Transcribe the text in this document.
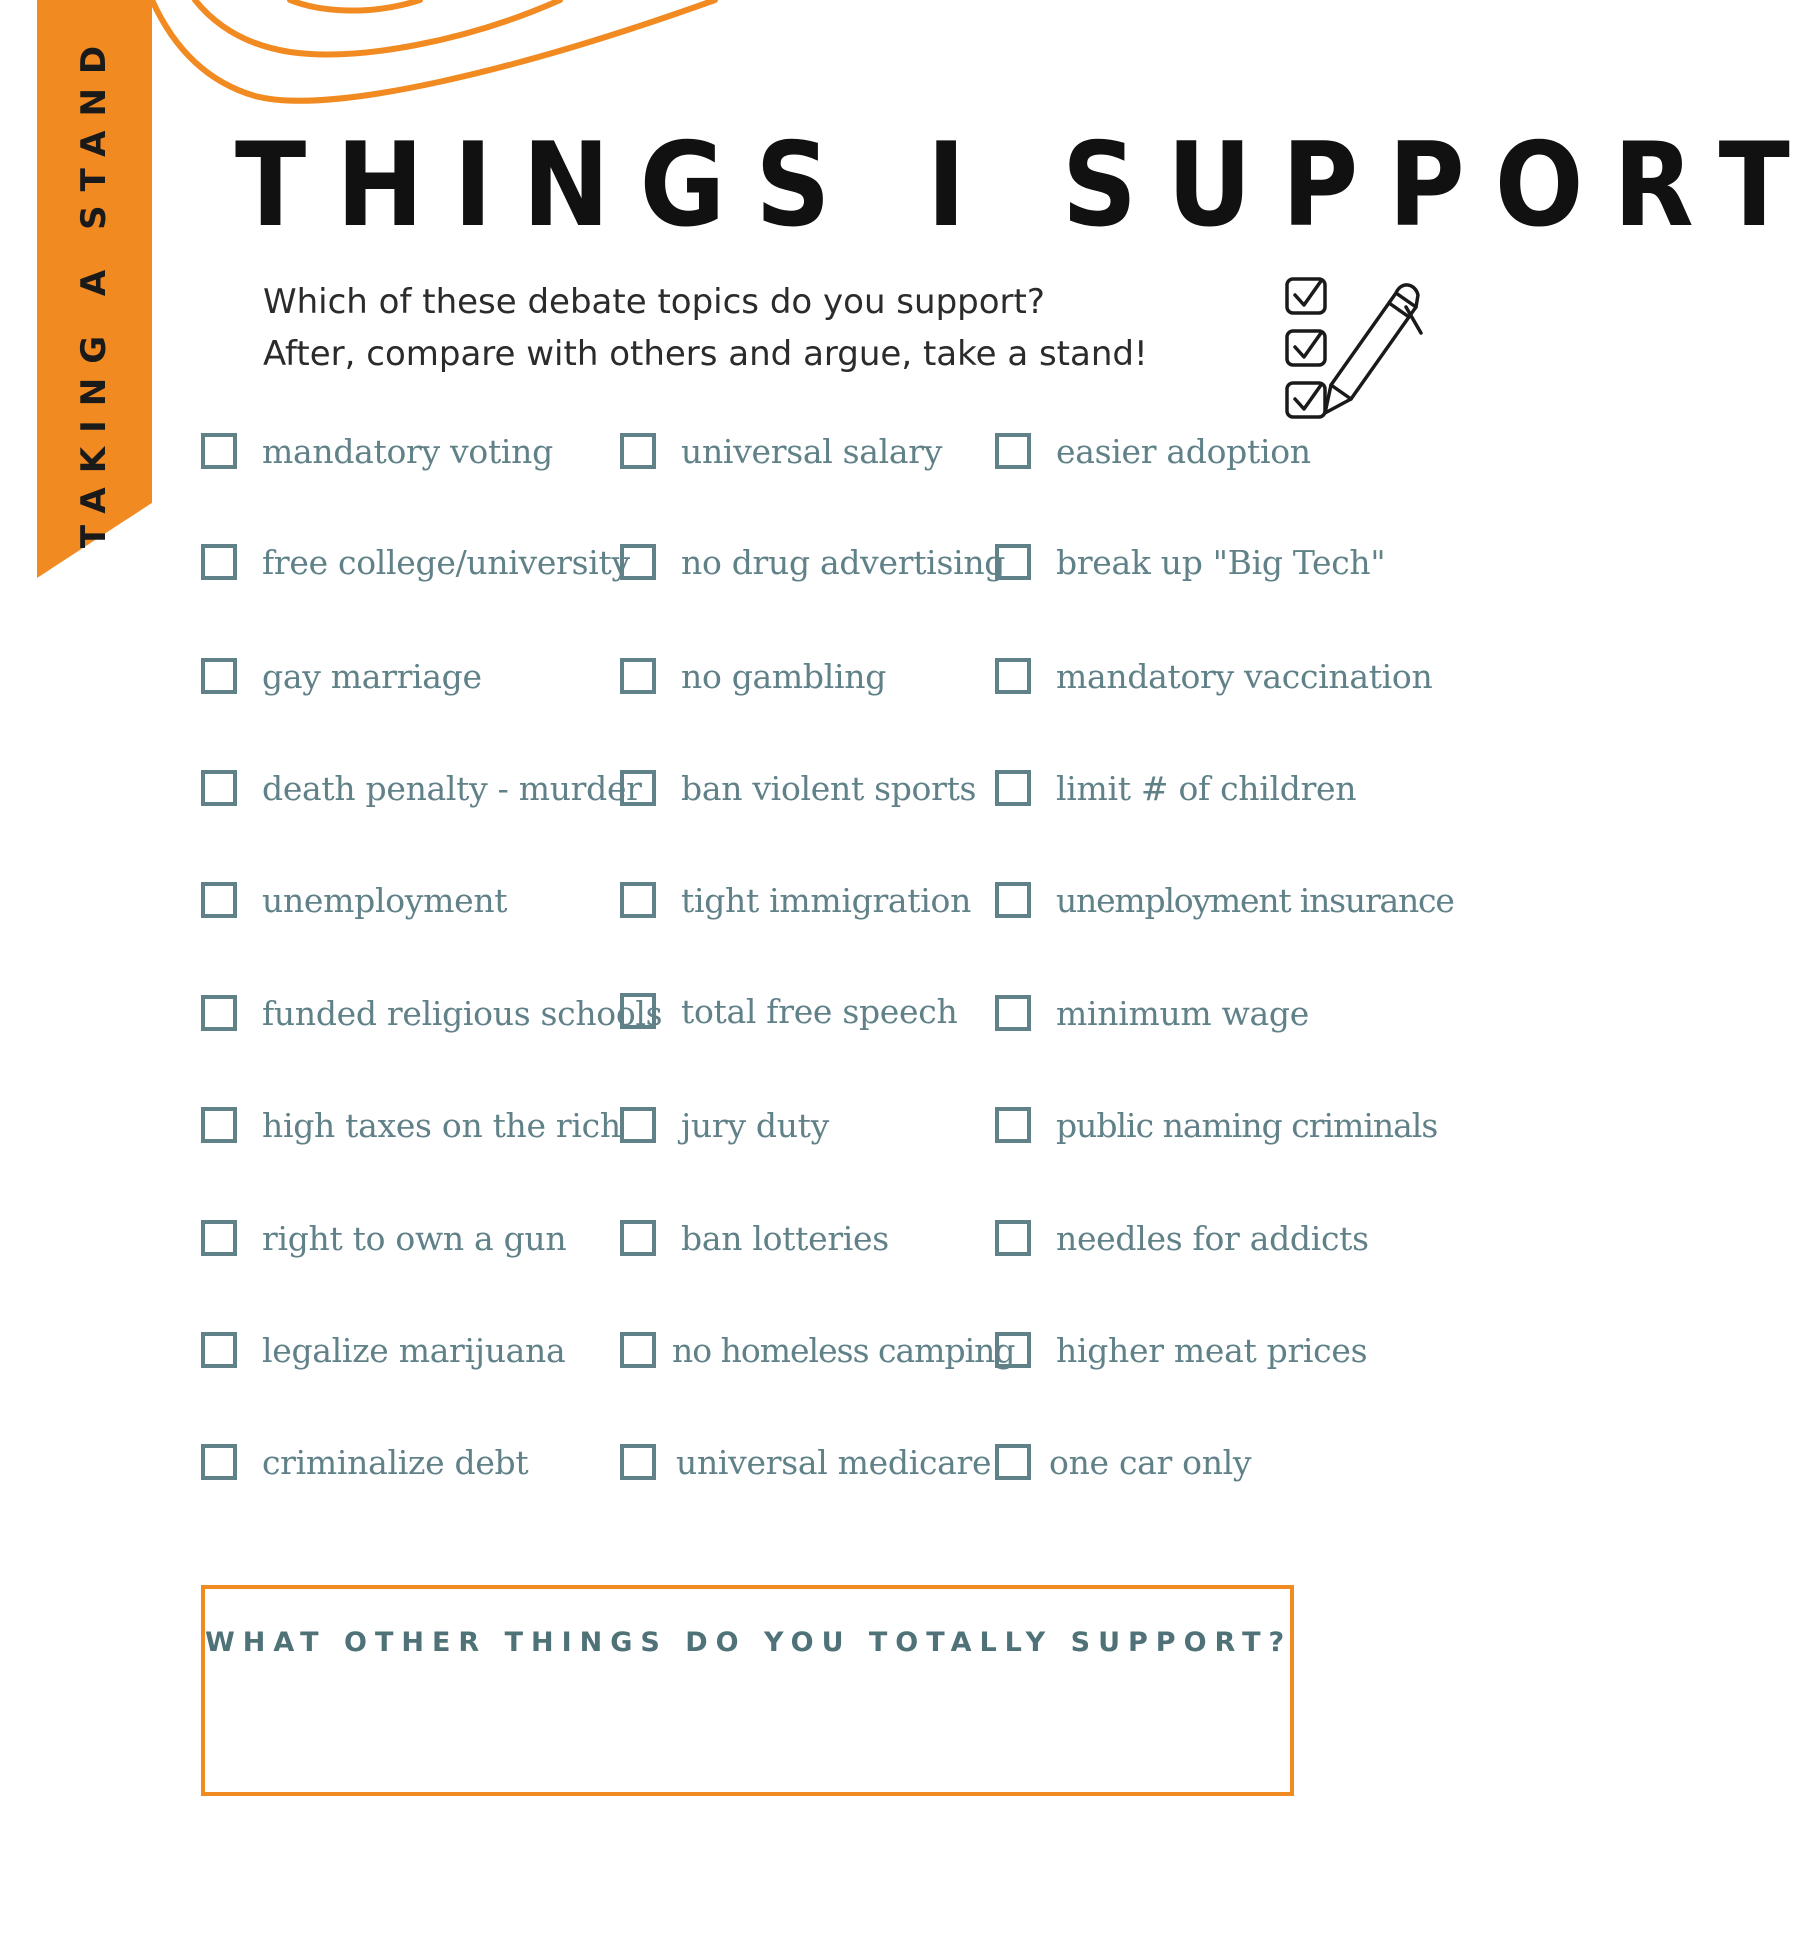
TAKING A STAND THINGS I SUPPORT
Which of these debate topics do you support?
After, compare with others and argue, take a stand!
mandatory voting
free college/university
gay marriage
death penalty - murder
unemployment
funded religious schools
high taxes on the rich
right to own a gun
legalize marijuana
criminalize debt
universal salary
no drug advertising
no gambling
ban violent sports
tight immigration
total free speech
jury duty
ban lotteries
no homeless camping
universal medicare
easier adoption
break up "Big Tech"
mandatory vaccination
limit # of children
unemployment insurance
minimum wage
public naming criminals
needles for addicts
higher meat prices
one car only
WHAT OTHER THINGS DO YOU TOTALLY SUPPORT?
